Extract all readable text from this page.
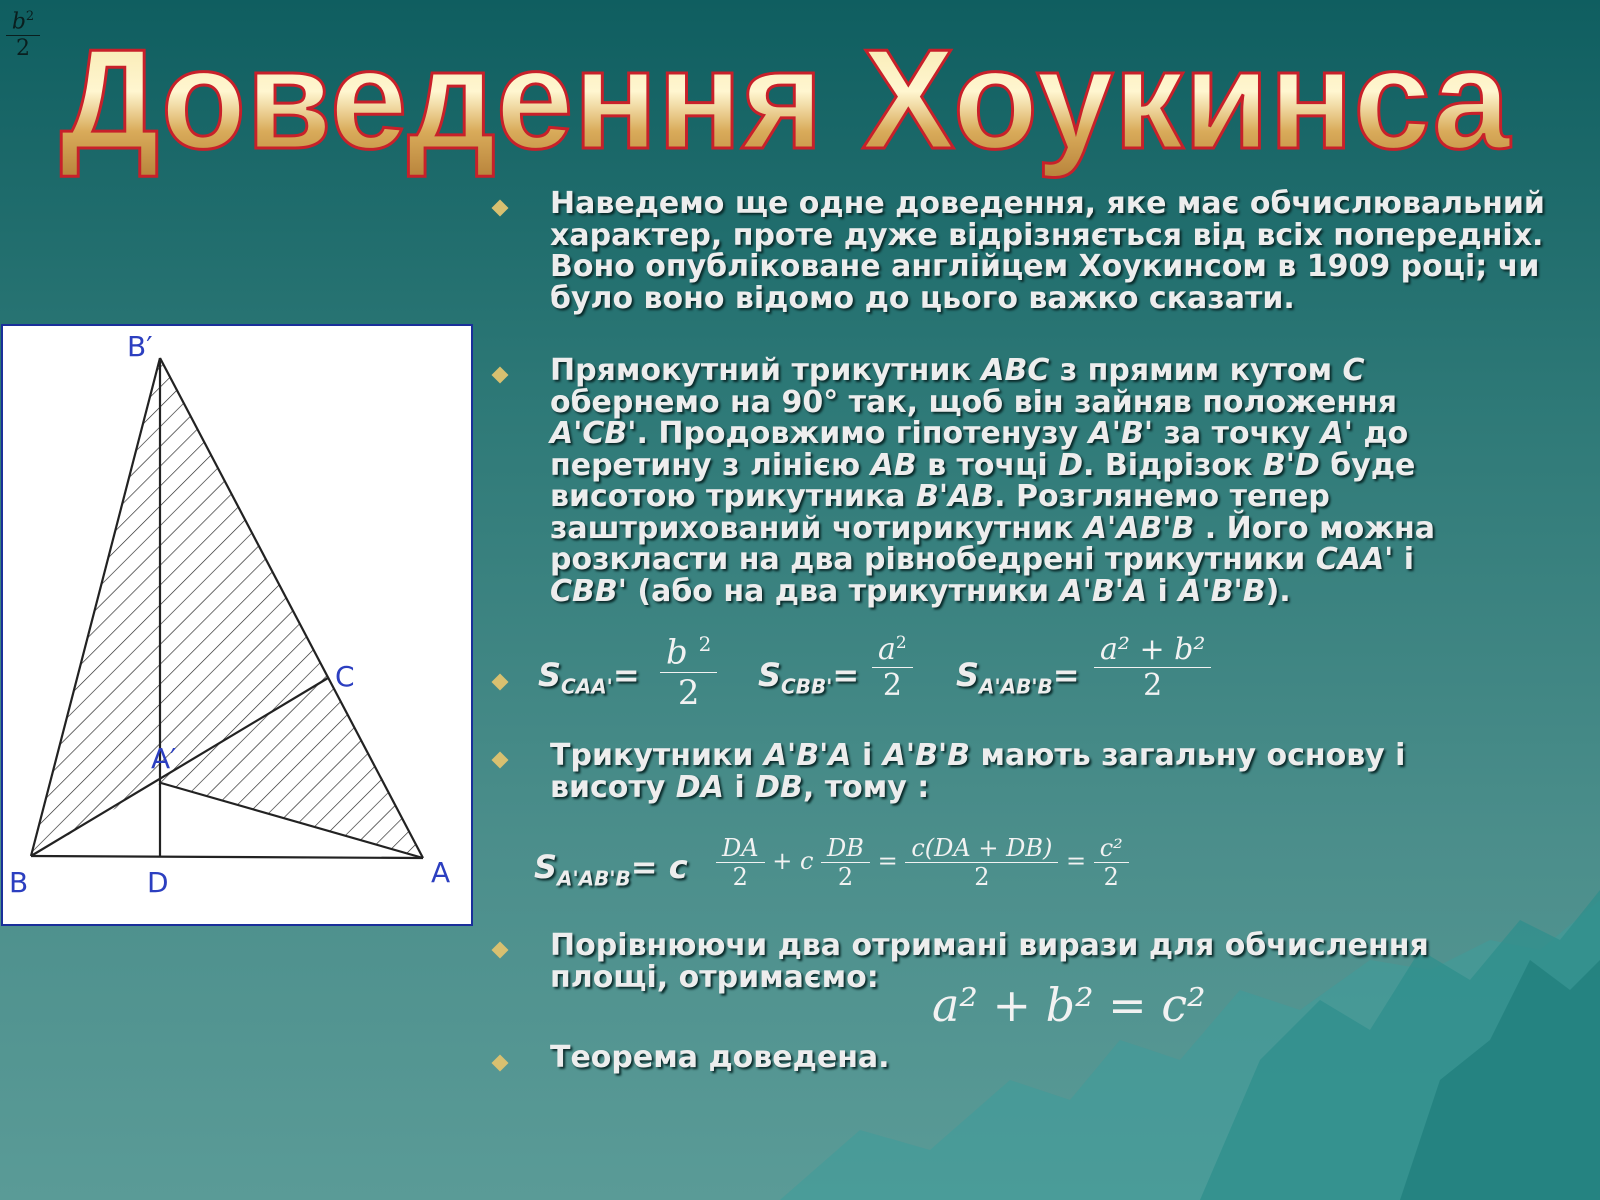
$\frac{b^2}{2}$ Доведення Хоукинса
B′
C
A′
B	D	A
Наведемо ще одне доведення, яке має обчислювальний характер, проте дуже відрізняється від всіх попередніх. Воно опубліковане англійцем Хоукинсом в 1909 році; чи було воно відомо до цього важко сказати.
Прямокутний трикутник ABC з прямим кутом C
обернемо на 90° так, щоб він зайняв положення
A'CB'. Продовжимо гіпотенузу A'B' за точку A' до
перетину з лінією AB в точці D. Відрізок B'D буде
висотою трикутника B'AB. Розглянемо тепер
заштрихований чотирикутник A'AB'B . Його можна
розкласти на два рівнобедрені трикутники CAA' і
CBB' (або на два трикутники A'B'A і A'B'B).
$S_{CAA'}= \frac{b ^2}{2} S_{CBB'}= \frac{a^2}{2} S_{A'AB'B}= \frac{\text{a² + b²}}{2}$
Трикутники A'B'A і A'B'B мають загальну основу і
висоту DA і DB, тому :
$S_{A'AB'B}= c \frac{DA}{2} + c \frac{DB}{2} = \frac{c(DA + DB)}{2} = \frac{\text{c²}}{2}$
Порівнюючи два отримані вирази для обчислення площі, отримаємо:
a² + b² = c²
Теорема доведена.
